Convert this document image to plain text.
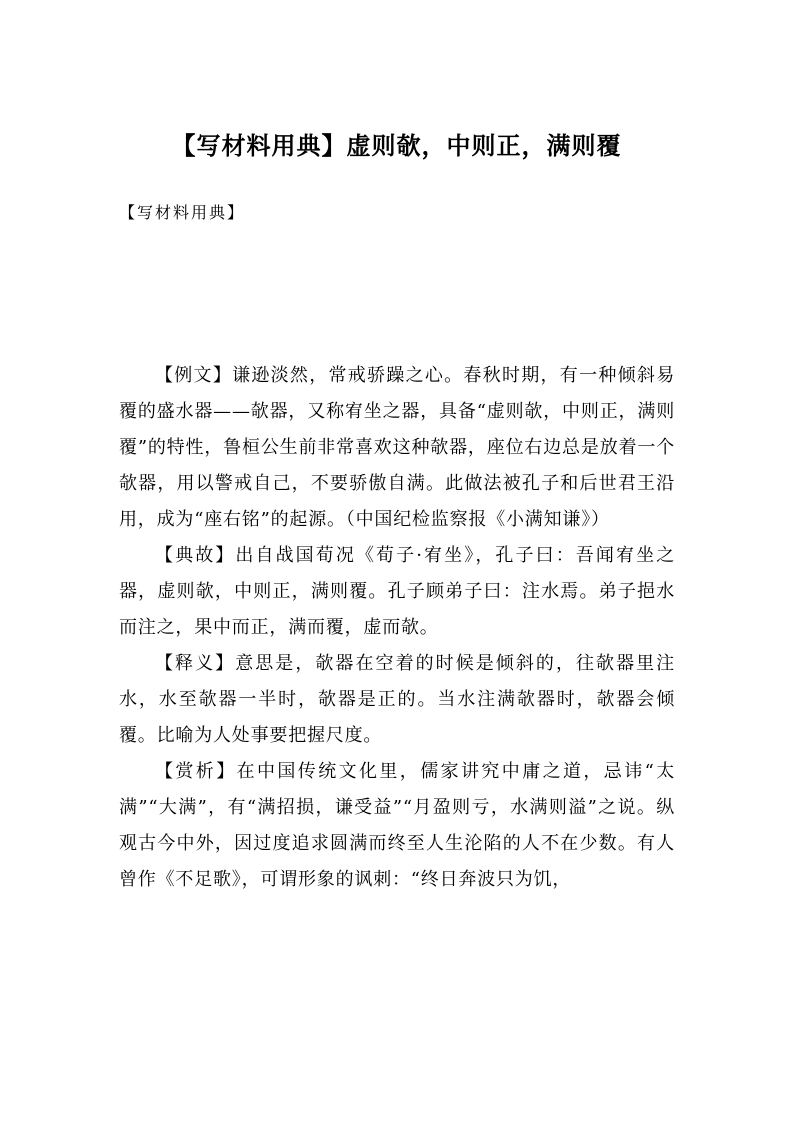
【写材料用典】虚则欹，中则正，满则覆
【写材料用典】

【例文】谦逊淡然，常戒骄躁之心。春秋时期，有一种倾斜易覆的盛水器——欹器，又称宥坐之器，具备“虚则欹，中则正，满则覆”的特性，鲁桓公生前非常喜欢这种欹器，座位右边总是放着一个欹器，用以警戒自己，不要骄傲自满。此做法被孔子和后世君王沿用，成为“座右铭”的起源。（中国纪检监察报《小满知谦》）

【典故】出自战国荀况《荀子·宥坐》，孔子曰：吾闻宥坐之器，虚则欹，中则正，满则覆。孔子顾弟子曰：注水焉。弟子挹水而注之，果中而正，满而覆，虚而欹。

【释义】意思是，欹器在空着的时候是倾斜的，往欹器里注水，水至欹器一半时，欹器是正的。当水注满欹器时，欹器会倾覆。比喻为人处事要把握尺度。

【赏析】在中国传统文化里，儒家讲究中庸之道，忌讳“太满”“大满”，有“满招损，谦受益”“月盈则亏，水满则溢”之说。纵观古今中外，因过度追求圆满而终至人生沦陷的人不在少数。有人曾作《不足歌》，可谓形象的讽刺：“终日奔波只为饥，
